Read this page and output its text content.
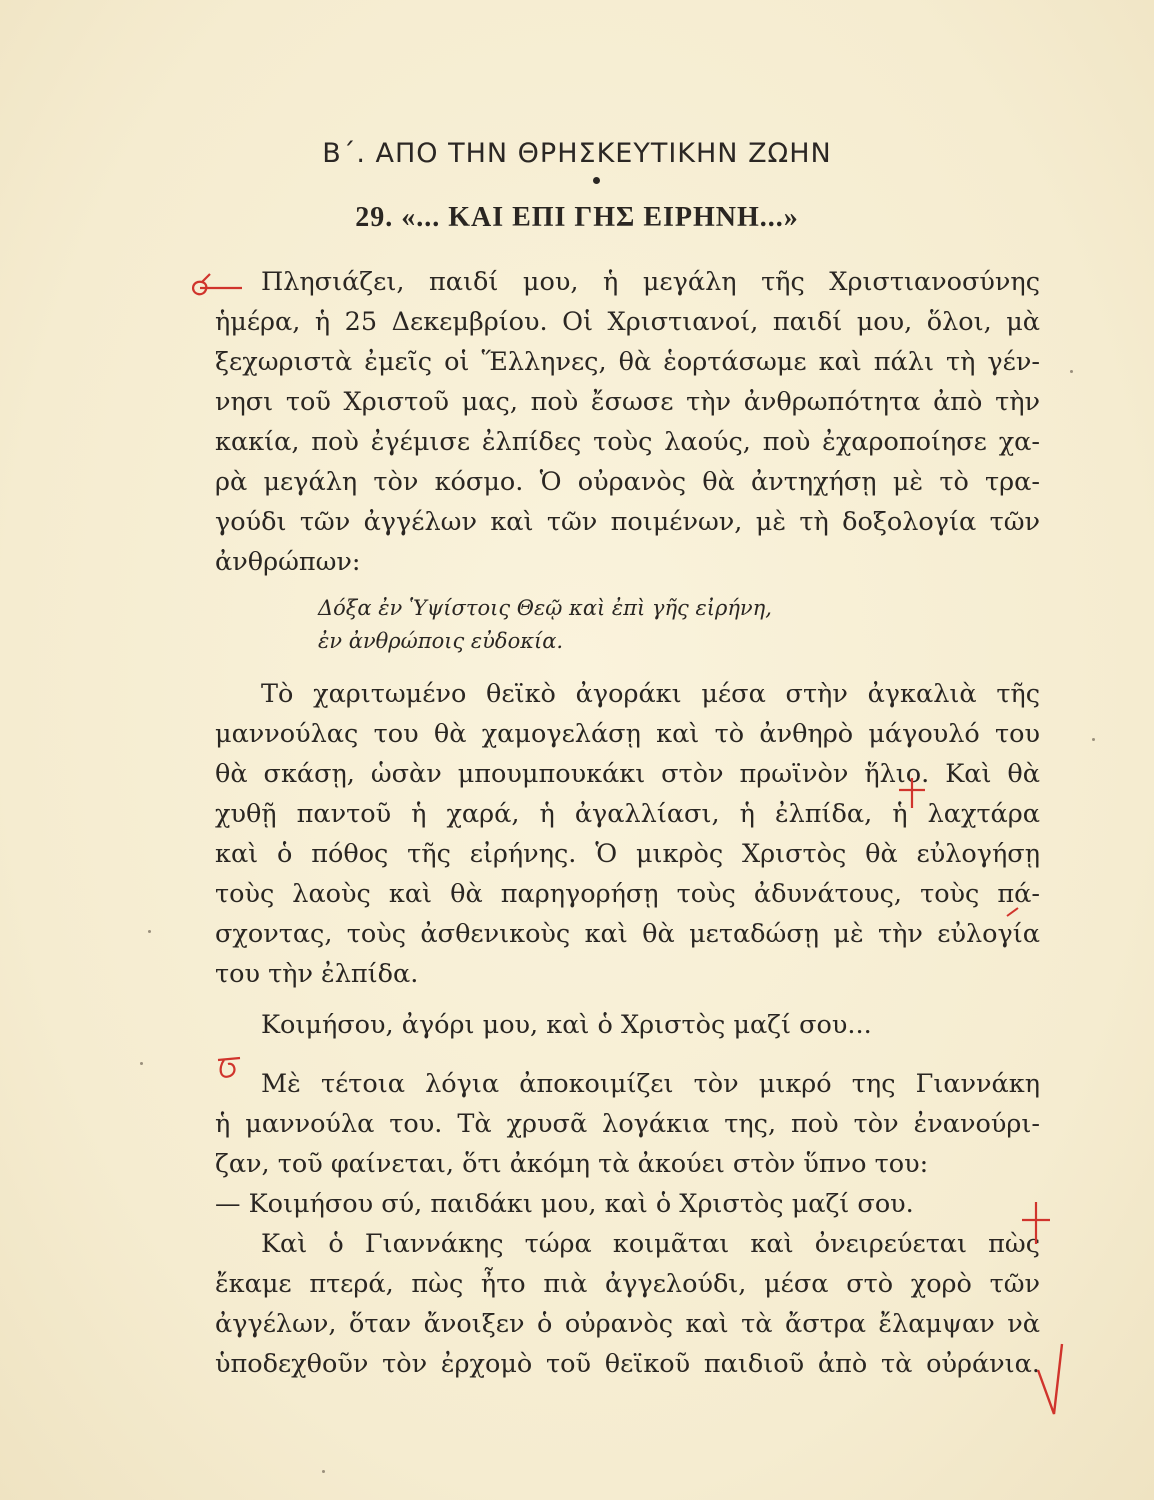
Β΄. ΑΠΟ ΤΗΝ ΘΡΗΣΚΕΥΤΙΚΗΝ ΖΩΗΝ
29. «... ΚΑΙ ΕΠΙ ΓΗΣ ΕΙΡΗΝΗ...»
Πλησιάζει, παιδί μου, ἡ μεγάλη τῆς Χριστιανοσύνης
ἡμέρα, ἡ 25 Δεκεμβρίου. Οἱ Χριστιανοί, παιδί μου, ὅλοι, μὰ
ξεχωριστὰ ἐμεῖς οἱ Ἕλληνες, θὰ ἑορτάσωμε καὶ πάλι τὴ γέν-
νησι τοῦ Χριστοῦ μας, ποὺ ἔσωσε τὴν ἀνθρωπότητα ἀπὸ τὴν
κακία, ποὺ ἐγέμισε ἐλπίδες τοὺς λαούς, ποὺ ἐχαροποίησε χα-
ρὰ μεγάλη τὸν κόσμο. Ὁ οὐρανὸς θὰ ἀντηχήσῃ μὲ τὸ τρα-
γούδι τῶν ἀγγέλων καὶ τῶν ποιμένων, μὲ τὴ δοξολογία τῶν
ἀνθρώπων:
Δόξα ἐν Ὑψίστοις Θεῷ καὶ ἐπὶ γῆς εἰρήνη,
ἐν ἀνθρώποις εὐδοκία.
Τὸ χαριτωμένο θεϊκὸ ἀγοράκι μέσα στὴν ἀγκαλιὰ τῆς
μαννούλας του θὰ χαμογελάσῃ καὶ τὸ ἀνθηρὸ μάγουλό του
θὰ σκάσῃ, ὡσὰν μπουμπουκάκι στὸν πρωϊνὸν ἥλιο. Καὶ θὰ
χυθῇ παντοῦ ἡ χαρά, ἡ ἀγαλλίασι, ἡ ἐλπίδα, ἡ λαχτάρα
καὶ ὁ πόθος τῆς εἰρήνης. Ὁ μικρὸς Χριστὸς θὰ εὐλογήσῃ
τοὺς λαοὺς καὶ θὰ παρηγορήσῃ τοὺς ἀδυνάτους, τοὺς πά-
σχοντας, τοὺς ἀσθενικοὺς καὶ θὰ μεταδώσῃ μὲ τὴν εὐλογία
του τὴν ἐλπίδα.
Κοιμήσου, ἀγόρι μου, καὶ ὁ Χριστὸς μαζί σου...
Μὲ τέτοια λόγια ἀποκοιμίζει τὸν μικρό της Γιαννάκη
ἡ μαννούλα του. Τὰ χρυσᾶ λογάκια της, ποὺ τὸν ἐνανούρι-
ζαν, τοῦ φαίνεται, ὅτι ἀκόμη τὰ ἀκούει στὸν ὕπνο του:
— Κοιμήσου σύ, παιδάκι μου, καὶ ὁ Χριστὸς μαζί σου.
Καὶ ὁ Γιαννάκης τώρα κοιμᾶται καὶ ὀνειρεύεται πὼς
ἔκαμε πτερά, πὼς ἦτο πιὰ ἀγγελούδι, μέσα στὸ χορὸ τῶν
ἀγγέλων, ὅταν ἄνοιξεν ὁ οὐρανὸς καὶ τὰ ἄστρα ἔλαμψαν νὰ
ὑποδεχθοῦν τὸν ἐρχομὸ τοῦ θεϊκοῦ παιδιοῦ ἀπὸ τὰ οὐράνια.
